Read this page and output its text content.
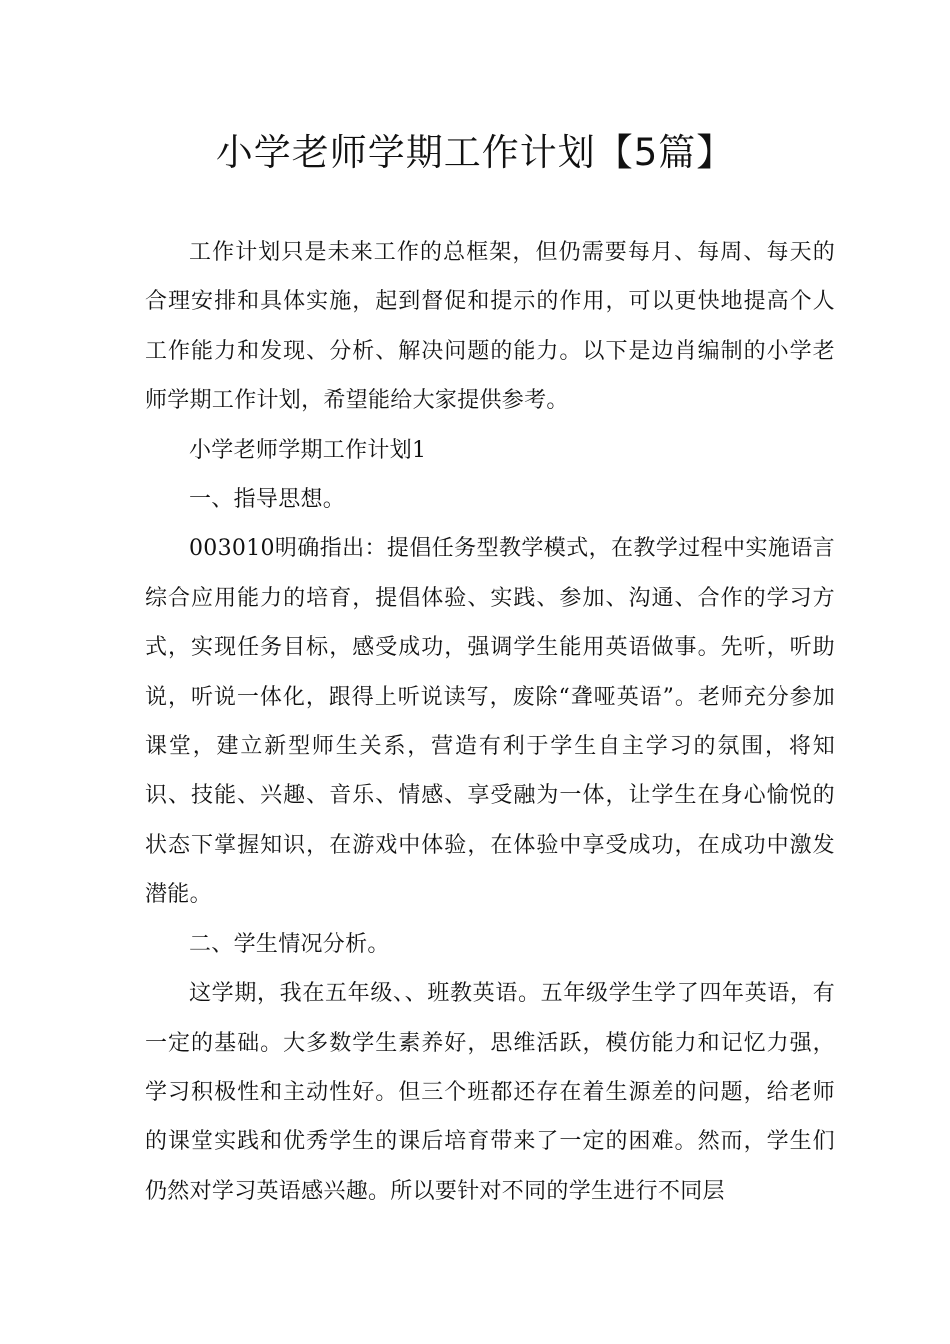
小学老师学期工作计划【5篇】

工作计划只是未来工作的总框架，但仍需要每月、每周、每天的合理安排和具体实施，起到督促和提示的作用，可以更快地提高个人工作能力和发现、分析、解决问题的能力。以下是边肖编制的小学老师学期工作计划，希望能给大家提供参考。

小学老师学期工作计划1

一、指导思想。

003010明确指出：提倡任务型教学模式，在教学过程中实施语言综合应用能力的培育，提倡体验、实践、参加、沟通、合作的学习方式，实现任务目标，感受成功，强调学生能用英语做事。先听，听助说，听说一体化，跟得上听说读写，废除“聋哑英语”。老师充分参加课堂，建立新型师生关系，营造有利于学生自主学习的氛围，将知识、技能、兴趣、音乐、情感、享受融为一体，让学生在身心愉悦的状态下掌握知识，在游戏中体验，在体验中享受成功，在成功中激发潜能。

二、学生情况分析。

这学期，我在五年级、、班教英语。五年级学生学了四年英语，有一定的基础。大多数学生素养好，思维活跃，模仿能力和记忆力强，学习积极性和主动性好。但三个班都还存在着生源差的问题，给老师的课堂实践和优秀学生的课后培育带来了一定的困难。然而，学生们仍然对学习英语感兴趣。所以要针对不同的学生进行不同层
